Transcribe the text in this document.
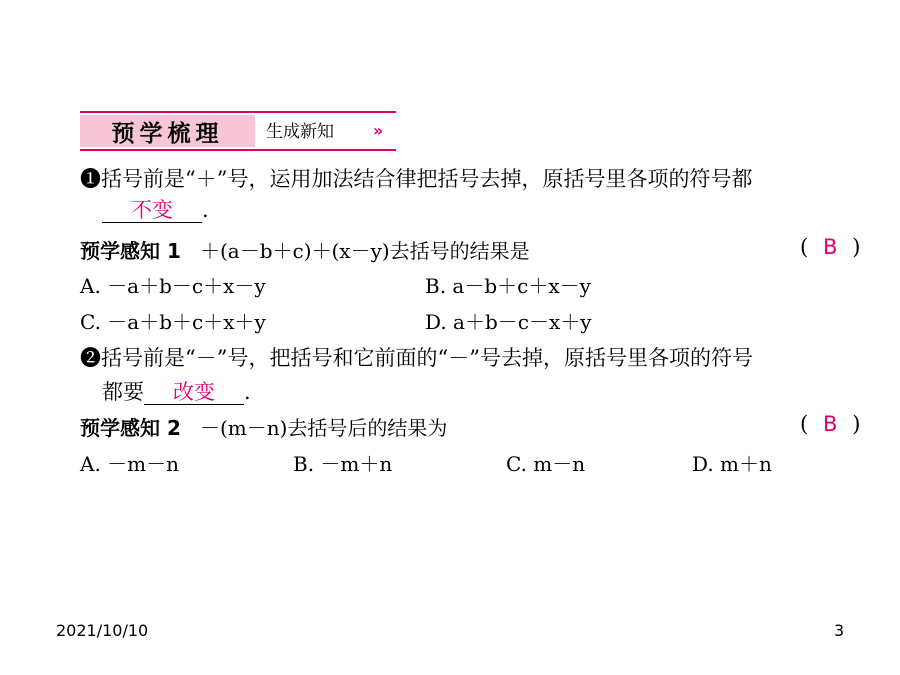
预学梳理	生成新知 »
❶括号前是“＋”号，运用加法结合律把括号去掉，原括号里各项的符号都
不变 .
预学感知 1 ＋(a－b＋c)＋(x－y)去括号的结果是	( B )
A. －a＋b－c＋x－y	B. a－b＋c＋x－y
C. －a＋b＋c＋x＋y	D. a＋b－c－x＋y
❷括号前是“－”号，把括号和它前面的“－”号去掉，原括号里各项的符号
都要 改变 .
预学感知 2 －(m－n)去括号后的结果为	( B )
A. －m－n	B. －m＋n	C. m－n	D. m＋n
2021/10/10	3
